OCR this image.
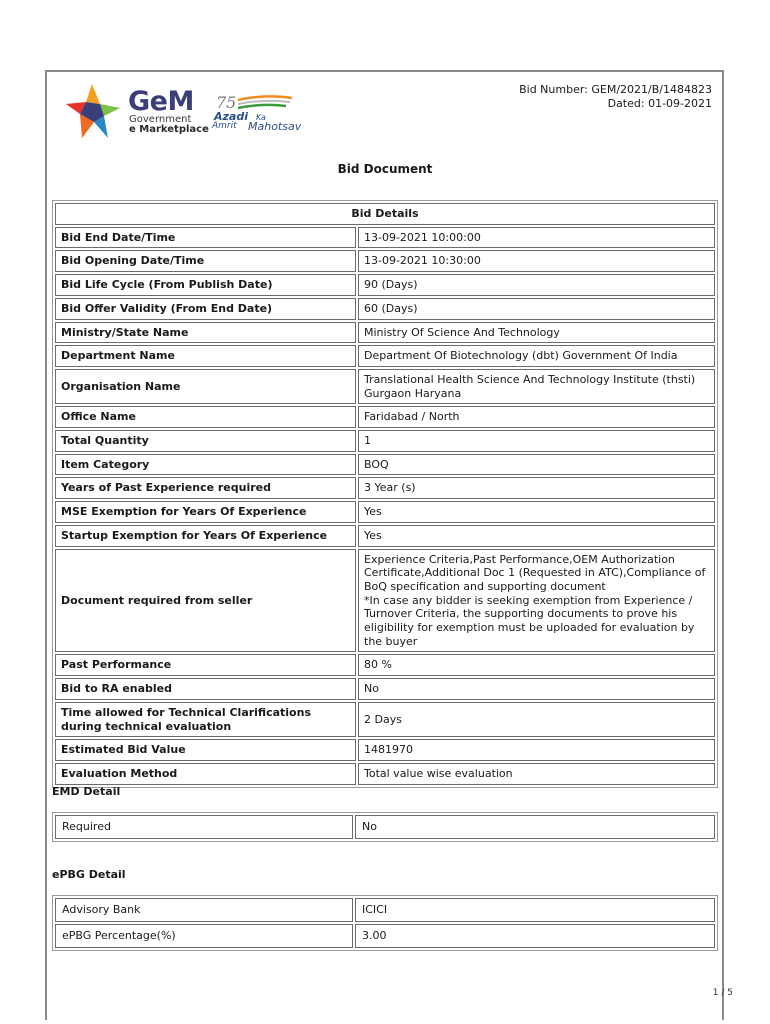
GeM
Government
e Marketplace
75
Azadi Ka
Amrit Mahotsav
Bid Number: GEM/2021/B/1484823
Dated: 01-09-2021
Bid Document
Bid Details	
Bid End Date/Time	13-09-2021 10:00:00
Bid Opening Date/Time	13-09-2021 10:30:00
Bid Life Cycle (From Publish Date)	90 (Days)
Bid Offer Validity (From End Date)	60 (Days)
Ministry/State Name	Ministry Of Science And Technology
Department Name	Department Of Biotechnology (dbt) Government Of India
Organisation Name	Translational Health Science And Technology Institute (thsti) Gurgaon Haryana
Office Name	Faridabad / North
Total Quantity	1
Item Category	BOQ
Years of Past Experience required	3 Year (s)
MSE Exemption for Years Of Experience	Yes
Startup Exemption for Years Of Experience	Yes
Document required from seller	Experience Criteria,Past Performance,OEM Authorization Certificate,Additional Doc 1 (Requested in ATC),Compliance of BoQ specification and supporting document
*In case any bidder is seeking exemption from Experience / Turnover Criteria, the supporting documents to prove his eligibility for exemption must be uploaded for evaluation by the buyer
Past Performance	80 %
Bid to RA enabled	No
Time allowed for Technical Clarifications during technical evaluation	2 Days
Estimated Bid Value	1481970
Evaluation Method	Total value wise evaluation
EMD Detail
Required	No
ePBG Detail
Advisory Bank	ICICI
ePBG Percentage(%)	3.00
1 / 5
